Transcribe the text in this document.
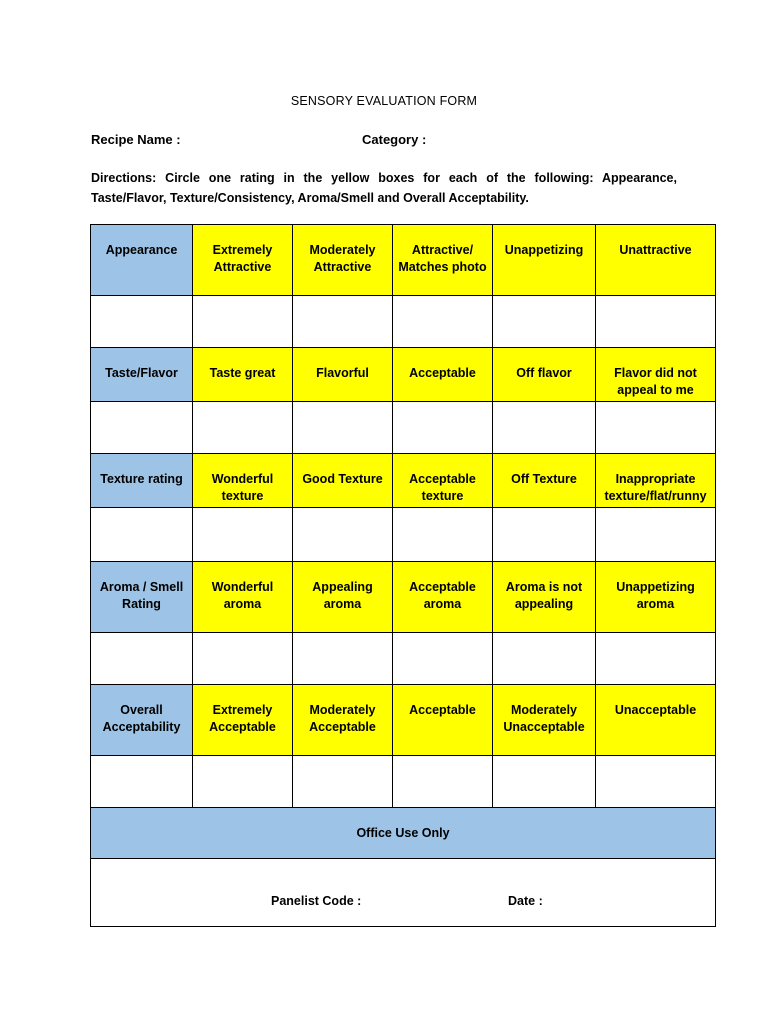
SENSORY EVALUATION FORM
Recipe Name :	Category :
Directions: Circle one rating in the yellow boxes for each of the following: Appearance, Taste/Flavor, Texture/Consistency, Aroma/Smell and Overall Acceptability.
Appearance	Extremely Attractive	Moderately Attractive	Attractive/ Matches photo	Unappetizing	Unattractive

Taste/Flavor	Taste great	Flavorful	Acceptable	Off flavor	Flavor did not appeal to me

Texture rating	Wonderful texture	Good Texture	Acceptable texture	Off Texture	Inappropriate texture/flat/runny

Aroma / Smell Rating	Wonderful aroma	Appealing aroma	Acceptable aroma	Aroma is not appealing	Unappetizing aroma

Overall Acceptability	Extremely Acceptable	Moderately Acceptable	Acceptable	Moderately Unacceptable	Unacceptable

Office Use Only					

Panelist Code : Date :					
